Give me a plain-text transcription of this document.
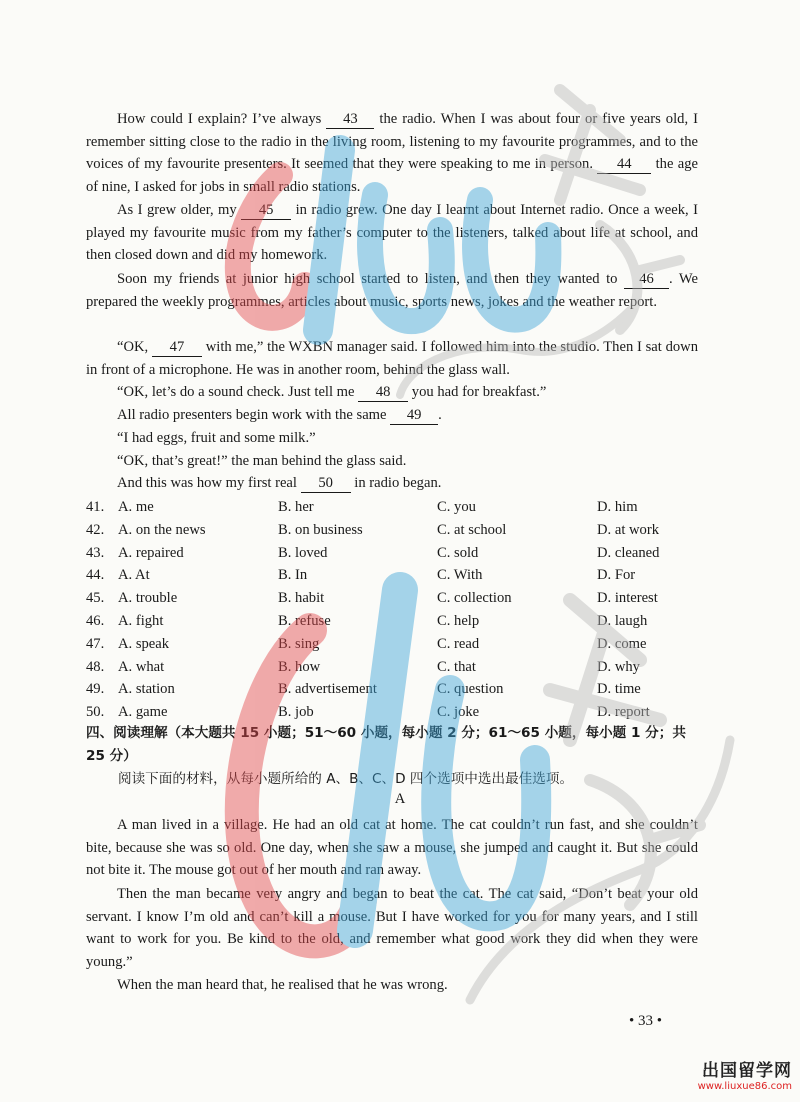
How could I explain? I’ve always 43 the radio. When I was about four or five years old, I remember sitting close to the radio in the living room, listening to my favourite programmes, and to the voices of my favourite presenters. It seemed that they were speaking to me in person. 44 the age of nine, I asked for jobs in small radio stations.

As I grew older, my 45 in radio grew. One day I learnt about Internet radio. Once a week, I played my favourite music from my father’s computer to the listeners, talked about life at school, and then closed down and did my homework.

Soon my friends at junior high school started to listen, and then they wanted to 46 . We prepared the weekly programmes, articles about music, sports news, jokes and the weather report.

“OK, 47 with me,” the WXBN manager said. I followed him into the studio. Then I sat down in front of a microphone. He was in another room, behind the glass wall.

“OK, let’s do a sound check. Just tell me 48 you had for breakfast.”

All radio presenters begin work with the same 49 .

“I had eggs, fruit and some milk.”

“OK, that’s great!” the man behind the glass said.

And this was how my first real 50 in radio began.

41. A. me	B. her	C. you	D. him
42. A. on the news	B. on business	C. at school	D. at work
43. A. repaired	B. loved	C. sold	D. cleaned
44. A. At	B. In	C. With	D. For
45. A. trouble	B. habit	C. collection	D. interest
46. A. fight	B. refuse	C. help	D. laugh
47. A. speak	B. sing	C. read	D. come
48. A. what	B. how	C. that	D. why
49. A. station	B. advertisement	C. question	D. time
50. A. game	B. job	C. joke	D. report
四、阅读理解（本大题共 15 小题；51～60 小题，每小题 2 分；61～65 小题，每小题 1 分；共 25 分）
阅读下面的材料，从每小题所给的 A、B、C、D 四个选项中选出最佳选项。
A

A man lived in a village. He had an old cat at home. The cat couldn’t run fast, and she couldn’t bite, because she was so old. One day, when she saw a mouse, she jumped and caught it. But she could not bite it. The mouse got out of her mouth and ran away.

Then the man became very angry and began to beat the cat. The cat said, “Don’t beat your old servant. I know I’m old and can’t kill a mouse. But I have worked for you for many years, and I still want to work for you. Be kind to the old, and remember what good work they did when they were young.”

When the man heard that, he realised that he was wrong.

• 33 •
出国留学网
www.liuxue86.com
